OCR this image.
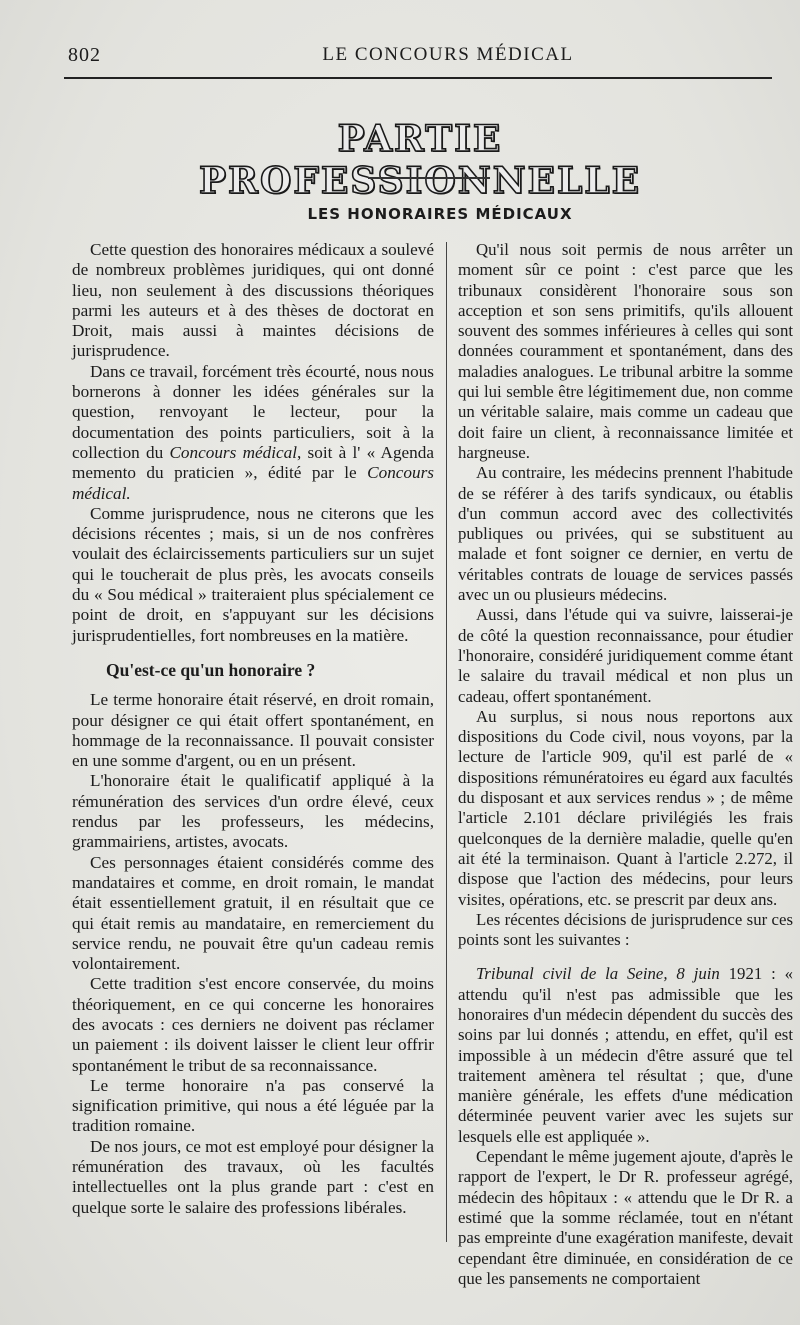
802	LE CONCOURS MÉDICAL
PARTIE PROFESSIONNELLE
LES HONORAIRES MÉDICAUX

Cette question des honoraires médicaux a soulevé de nombreux problèmes juridiques, qui ont donné lieu, non seulement à des discussions théoriques parmi les auteurs et à des thèses de doctorat en Droit, mais aussi à maintes décisions de jurisprudence.

Dans ce travail, forcément très écourté, nous nous bornerons à donner les idées générales sur la question, renvoyant le lecteur, pour la documentation des points particuliers, soit à la collection du Concours médical, soit à l' « Agenda memento du praticien », édité par le Concours médical.

Comme jurisprudence, nous ne citerons que les décisions récentes ; mais, si un de nos confrères voulait des éclaircissements particuliers sur un sujet qui le toucherait de plus près, les avocats conseils du « Sou médical » traiteraient plus spécialement ce point de droit, en s'appuyant sur les décisions jurisprudentielles, fort nombreuses en la matière.

Qu'est-ce qu'un honoraire ?

Le terme honoraire était réservé, en droit romain, pour désigner ce qui était offert spontanément, en hommage de la reconnaissance. Il pouvait consister en une somme d'argent, ou en un présent.

L'honoraire était le qualificatif appliqué à la rémunération des services d'un ordre élevé, ceux rendus par les professeurs, les médecins, grammairiens, artistes, avocats.

Ces personnages étaient considérés comme des mandataires et comme, en droit romain, le mandat était essentiellement gratuit, il en résultait que ce qui était remis au mandataire, en remerciement du service rendu, ne pouvait être qu'un cadeau remis volontairement.

Cette tradition s'est encore conservée, du moins théoriquement, en ce qui concerne les honoraires des avocats : ces derniers ne doivent pas réclamer un paiement : ils doivent laisser le client leur offrir spontanément le tribut de sa reconnaissance.

Le terme honoraire n'a pas conservé la signification primitive, qui nous a été léguée par la tradition romaine.

De nos jours, ce mot est employé pour désigner la rémunération des travaux, où les facultés intellectuelles ont la plus grande part : c'est en quelque sorte le salaire des professions libérales.

Qu'il nous soit permis de nous arrêter un moment sûr ce point : c'est parce que les tribunaux considèrent l'honoraire sous son acception et son sens primitifs, qu'ils allouent souvent des sommes inférieures à celles qui sont données couramment et spontanément, dans des maladies analogues. Le tribunal arbitre la somme qui lui semble être légitimement due, non comme un véritable salaire, mais comme un cadeau que doit faire un client, à reconnaissance limitée et hargneuse.

Au contraire, les médecins prennent l'habitude de se référer à des tarifs syndicaux, ou établis d'un commun accord avec des collectivités publiques ou privées, qui se substituent au malade et font soigner ce dernier, en vertu de véritables contrats de louage de services passés avec un ou plusieurs médecins.

Aussi, dans l'étude qui va suivre, laisserai-je de côté la question reconnaissance, pour étudier l'honoraire, considéré juridiquement comme étant le salaire du travail médical et non plus un cadeau, offert spontanément.

Au surplus, si nous nous reportons aux dispositions du Code civil, nous voyons, par la lecture de l'article 909, qu'il est parlé de « dispositions rémunératoires eu égard aux facultés du disposant et aux services rendus » ; de même l'article 2.101 déclare privilégiés les frais quelconques de la dernière maladie, quelle qu'en ait été la terminaison. Quant à l'article 2.272, il dispose que l'action des médecins, pour leurs visites, opérations, etc. se prescrit par deux ans.

Les récentes décisions de jurisprudence sur ces points sont les suivantes :

Tribunal civil de la Seine, 8 juin 1921 : « attendu qu'il n'est pas admissible que les honoraires d'un médecin dépendent du succès des soins par lui donnés ; attendu, en effet, qu'il est impossible à un médecin d'être assuré que tel traitement amènera tel résultat ; que, d'une manière générale, les effets d'une médication déterminée peuvent varier avec les sujets sur lesquels elle est appliquée ».

Cependant le même jugement ajoute, d'après le rapport de l'expert, le Dr R. professeur agrégé, médecin des hôpitaux : « attendu que le Dr R. a estimé que la somme réclamée, tout en n'étant pas empreinte d'une exagération manifeste, devait cependant être diminuée, en considération de ce que les pansements ne comportaient
